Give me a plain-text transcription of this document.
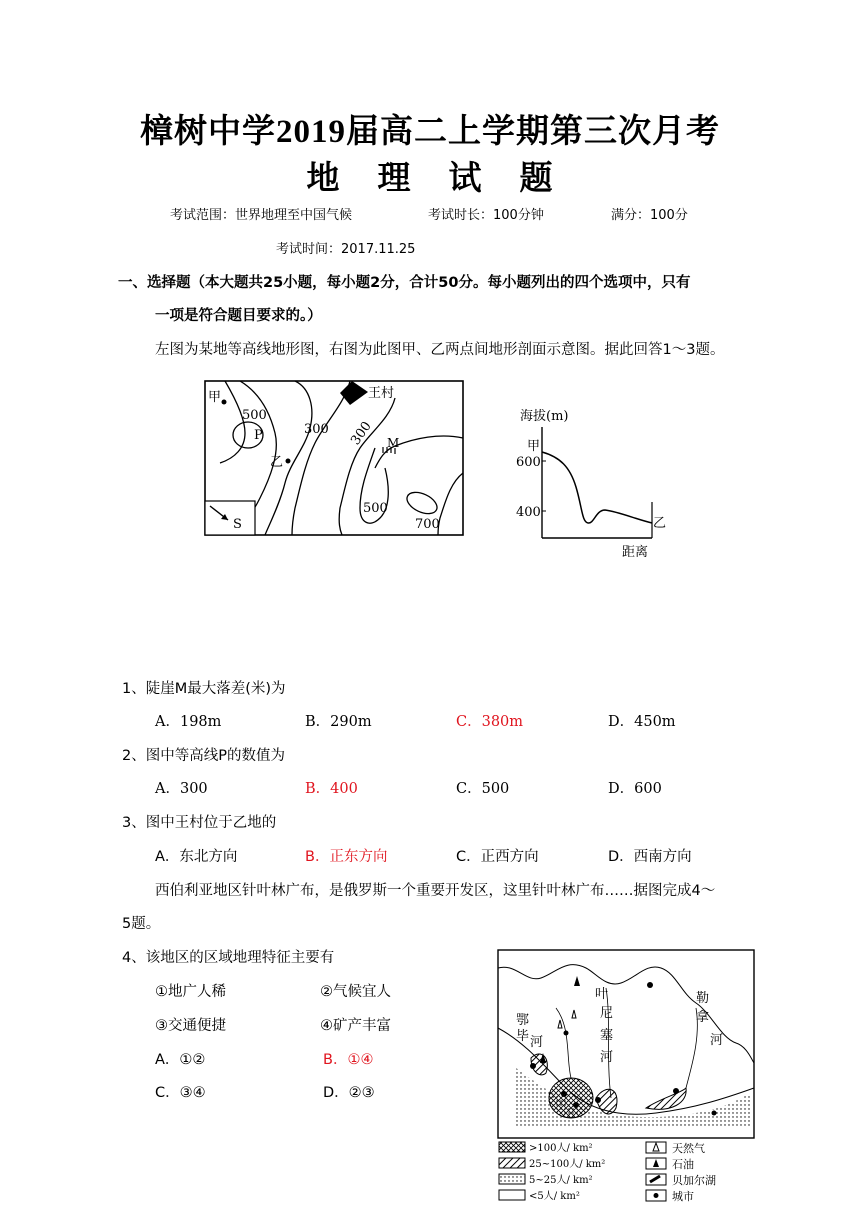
樟树中学2019届高二上学期第三次月考
地    理    试    题
考试范围：世界地理至中国气候	考试时长：100分钟	满分：100分
考试时间：2017.11.25
一、选择题（本大题共25小题，每小题2分，合计50分。每小题列出的四个选项中，只有
一项是符合题目要求的。）
左图为某地等高线地形图，右图为此图甲、乙两点间地形剖面示意图。据此回答1～3题。
甲
乙
P	M
王村
S
500
300 300
500
700
海拔(m)
600
400
甲
乙
距离
1、陡崖M最大落差(米)为
A．198m	B．290m	C．380m	D．450m
2、图中等高线P的数值为
A．300	B．400	C．500	D．600
3、图中王村位于乙地的
A．东北方向	B．正东方向	C．正西方向	D．西南方向
西伯利亚地区针叶林广布，是俄罗斯一个重要开发区，这里针叶林广布……据图完成4～
5题。
4、该地区的区域地理特征主要有
①地广人稀	②气候宜人
③交通便捷	④矿产丰富
A．①②	B．①④
C．③④	D．②③
鄂
毕 河
叶
尼
塞
河
勒
拿
河
>100人/ km²
25~100人/ km²
5~25人/ km²
<5人/ km²
天然气
石油
贝加尔湖
城市
